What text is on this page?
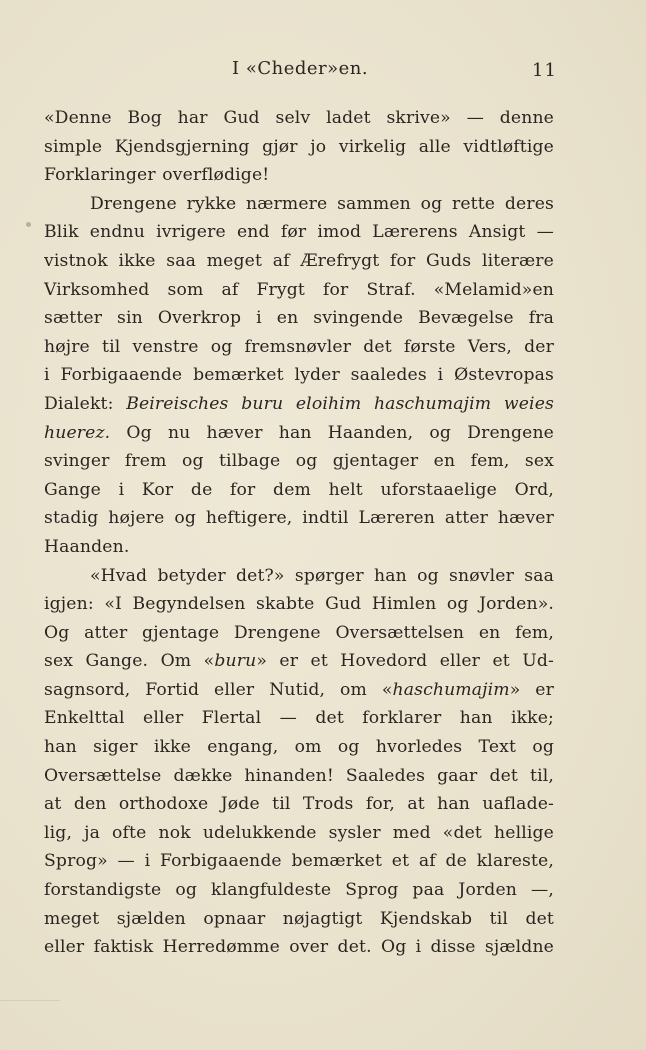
I «Cheder»en.	11
«Denne Bog har Gud selv ladet skrive» — denne
simple Kjendsgjerning gjør jo virkelig alle vidtløftige
Forklaringer overflødige!
Drengene rykke nærmere sammen og rette deres
Blik endnu ivrigere end før imod Lærerens Ansigt —
vistnok ikke saa meget af Ærefrygt for Guds literære
Virksomhed som af Frygt for Straf. «Melamid»en
sætter sin Overkrop i en svingende Bevægelse fra
højre til venstre og fremsnøvler det første Vers, der
i Forbigaaende bemærket lyder saaledes i Østevropas
Dialekt: Beireisches buru eloihim haschumajim weies
huerez. Og nu hæver han Haanden, og Drengene
svinger frem og tilbage og gjentager en fem, sex
Gange i Kor de for dem helt uforstaaelige Ord,
stadig højere og heftigere, indtil Læreren atter hæver
Haanden.
«Hvad betyder det?» spørger han og snøvler saa
igjen: «I Begyndelsen skabte Gud Himlen og Jorden».
Og atter gjentage Drengene Oversættelsen en fem,
sex Gange. Om «buru» er et Hovedord eller et Ud-
sagnsord, Fortid eller Nutid, om «haschumajim» er
Enkelttal eller Flertal — det forklarer han ikke;
han siger ikke engang, om og hvorledes Text og
Oversættelse dække hinanden! Saaledes gaar det til,
at den orthodoxe Jøde til Trods for, at han uaflade-
lig, ja ofte nok udelukkende sysler med «det hellige
Sprog» — i Forbigaaende bemærket et af de klareste,
forstandigste og klangfuldeste Sprog paa Jorden —,
meget sjælden opnaar nøjagtigt Kjendskab til det
eller faktisk Herredømme over det. Og i disse sjældne
